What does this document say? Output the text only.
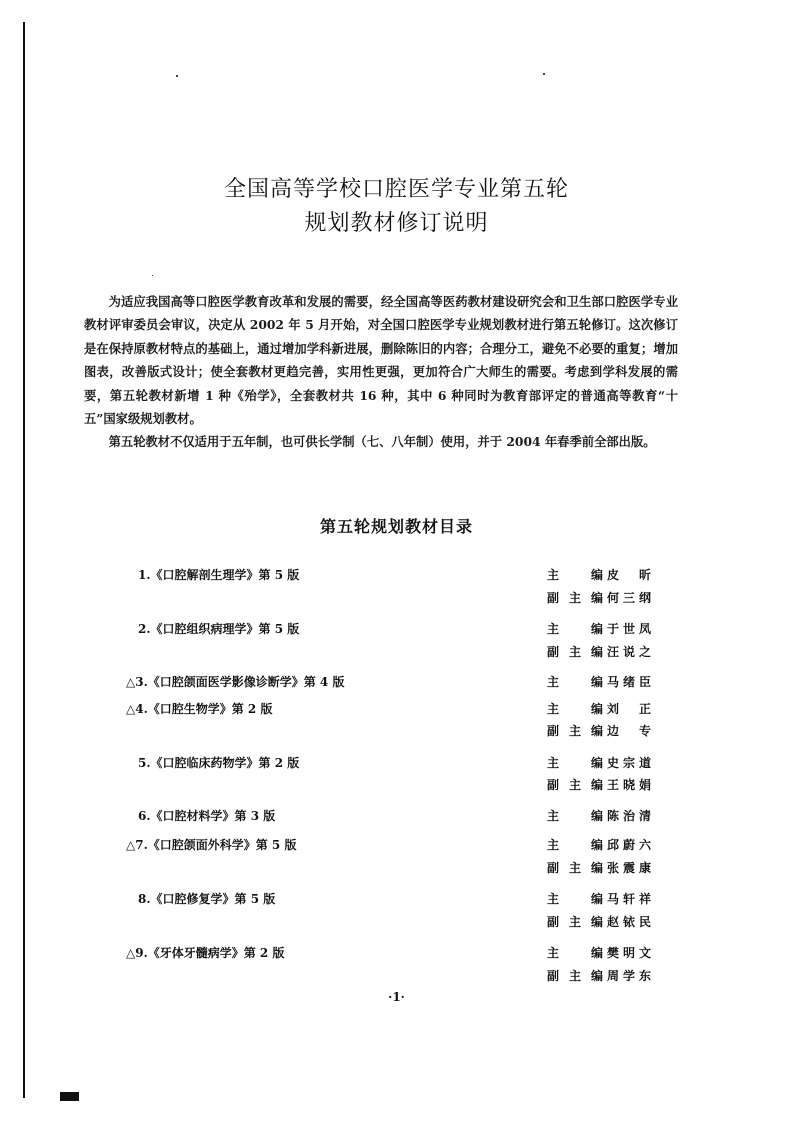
全国高等学校口腔医学专业第五轮
规划教材修订说明

为适应我国高等口腔医学教育改革和发展的需要，经全国高等医药教材建设研究会和卫生部口腔医学专业教材评审委员会审议，决定从 2002 年 5 月开始，对全国口腔医学专业规划教材进行第五轮修订。这次修订是在保持原教材特点的基础上，通过增加学科新进展，删除陈旧的内容；合理分工，避免不必要的重复；增加图表，改善版式设计；使全套教材更趋完善，实用性更强，更加符合广大师生的需要。考虑到学科发展的需要，第五轮教材新增 1 种《殆学》，全套教材共 16 种，其中 6 种同时为教育部评定的普通高等教育“十五”国家级规划教材。

第五轮教材不仅适用于五年制，也可供长学制（七、八年制）使用，并于 2004 年春季前全部出版。

第五轮规划教材目录
1.《口腔解剖生理学》第 5 版	主编 皮昕
副主编 何三纲
2.《口腔组织病理学》第 5 版	主编 于世凤
副主编 汪说之
△3.《口腔颌面医学影像诊断学》第 4 版	主编 马绪臣
△4.《口腔生物学》第 2 版	主编 刘正
副主编 边专
5.《口腔临床药物学》第 2 版	主编 史宗道
副主编 王晓娟
6.《口腔材料学》第 3 版	主编 陈治清
△7.《口腔颌面外科学》第 5 版	主编 邱蔚六
副主编 张震康
8.《口腔修复学》第 5 版	主编 马轩祥
副主编 赵铱民
△9.《牙体牙髓病学》第 2 版	主编 樊明文
副主编 周学东
·1·
